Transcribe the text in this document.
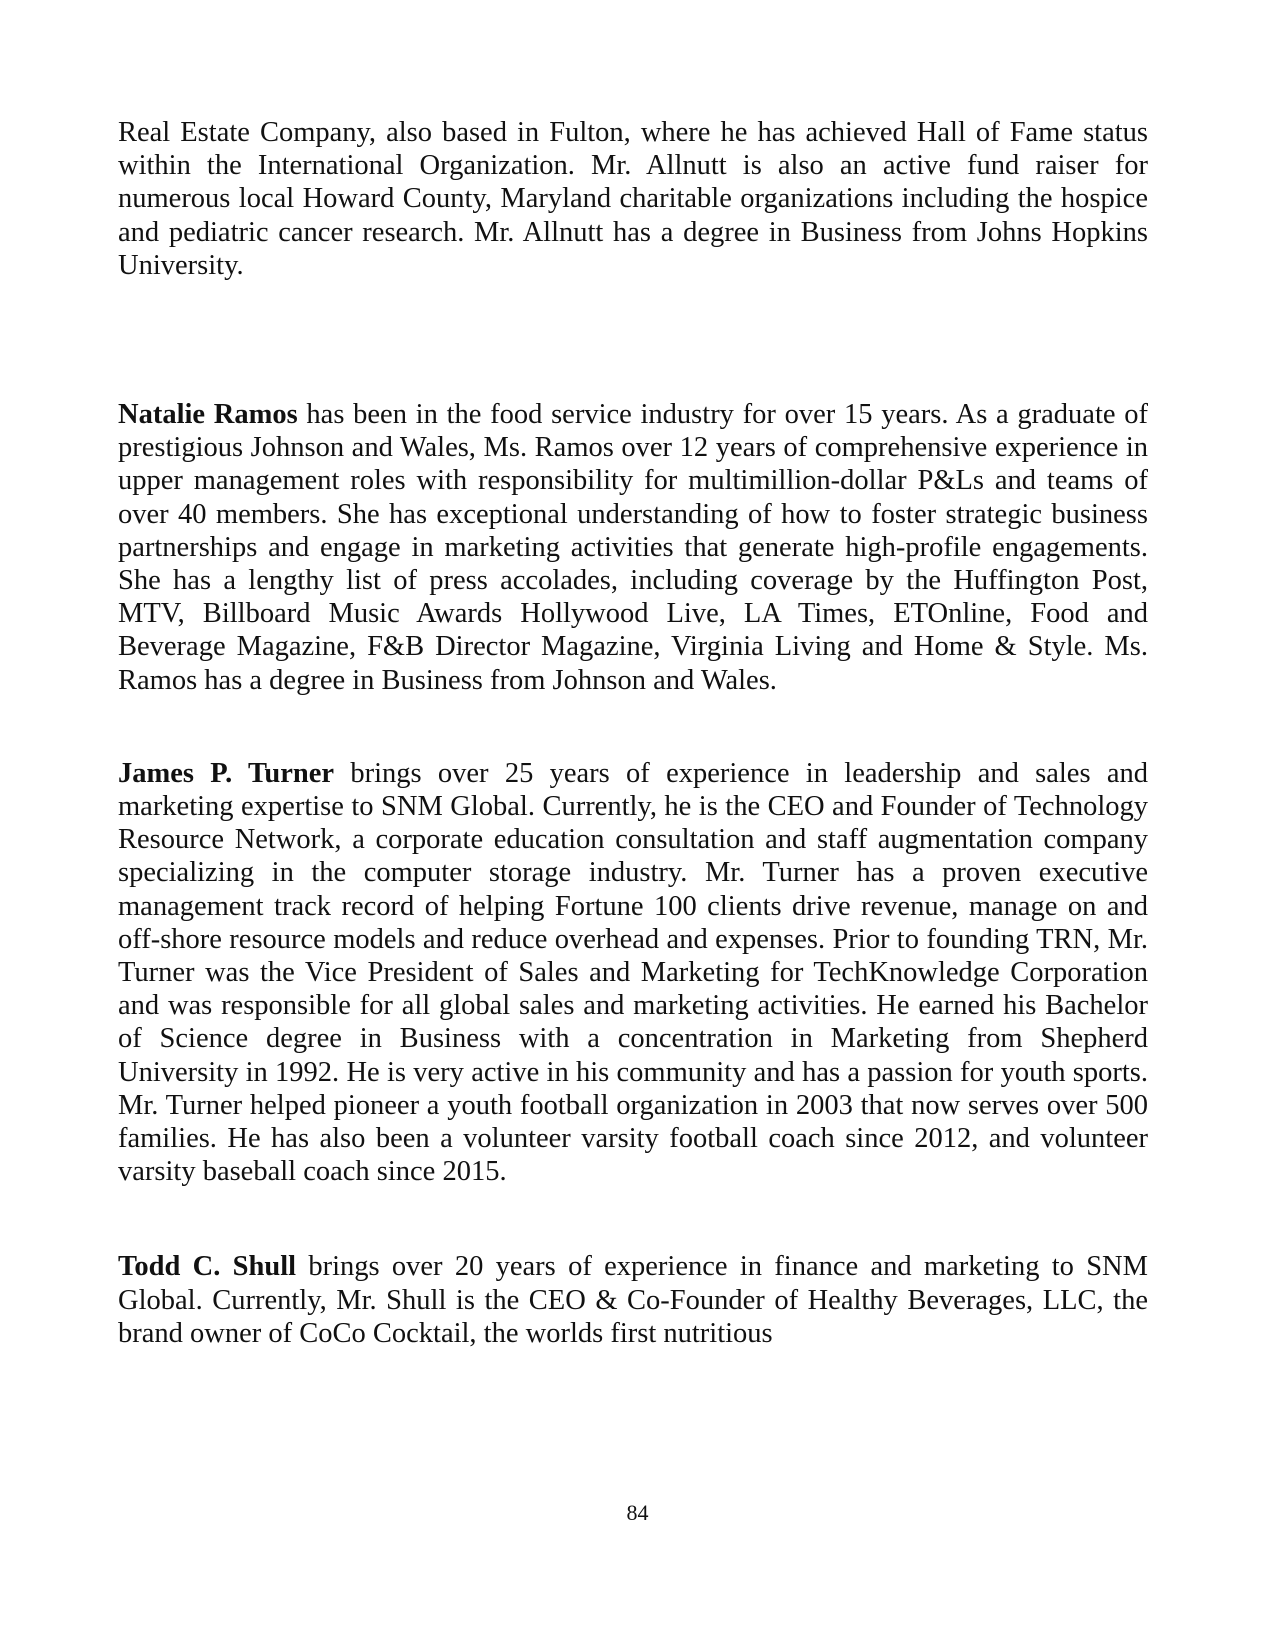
Real Estate Company, also based in Fulton, where he has achieved Hall of Fame status within the International Organization. Mr. Allnutt is also an active fund raiser for numerous local Howard County, Maryland charitable organizations including the hospice and pediatric cancer research. Mr. Allnutt has a degree in Business from Johns Hopkins University.

Natalie Ramos has been in the food service industry for over 15 years. As a graduate of prestigious Johnson and Wales, Ms. Ramos over 12 years of comprehensive experience in upper management roles with responsibility for multimillion-dollar P&Ls and teams of over 40 members. She has exceptional understanding of how to foster strategic business partnerships and engage in marketing activities that generate high-profile engagements. She has a lengthy list of press accolades, including coverage by the Huffington Post, MTV, Billboard Music Awards Hollywood Live, LA Times, ETOnline, Food and Beverage Magazine, F&B Director Magazine, Virginia Living and Home & Style. Ms. Ramos has a degree in Business from Johnson and Wales.

James P. Turner brings over 25 years of experience in leadership and sales and marketing expertise to SNM Global. Currently, he is the CEO and Founder of Technology Resource Network, a corporate education consultation and staff augmentation company specializing in the computer storage industry. Mr. Turner has a proven executive management track record of helping Fortune 100 clients drive revenue, manage on and off-shore resource models and reduce overhead and expenses. Prior to founding TRN, Mr. Turner was the Vice President of Sales and Marketing for TechKnowledge Corporation and was responsible for all global sales and marketing activities. He earned his Bachelor of Science degree in Business with a concentration in Marketing from Shepherd University in 1992. He is very active in his community and has a passion for youth sports. Mr. Turner helped pioneer a youth football organization in 2003 that now serves over 500 families. He has also been a volunteer varsity football coach since 2012, and volunteer varsity baseball coach since 2015.

Todd C. Shull brings over 20 years of experience in finance and marketing to SNM Global. Currently, Mr. Shull is the CEO & Co-Founder of Healthy Beverages, LLC, the brand owner of CoCo Cocktail, the worlds first nutritious

84
